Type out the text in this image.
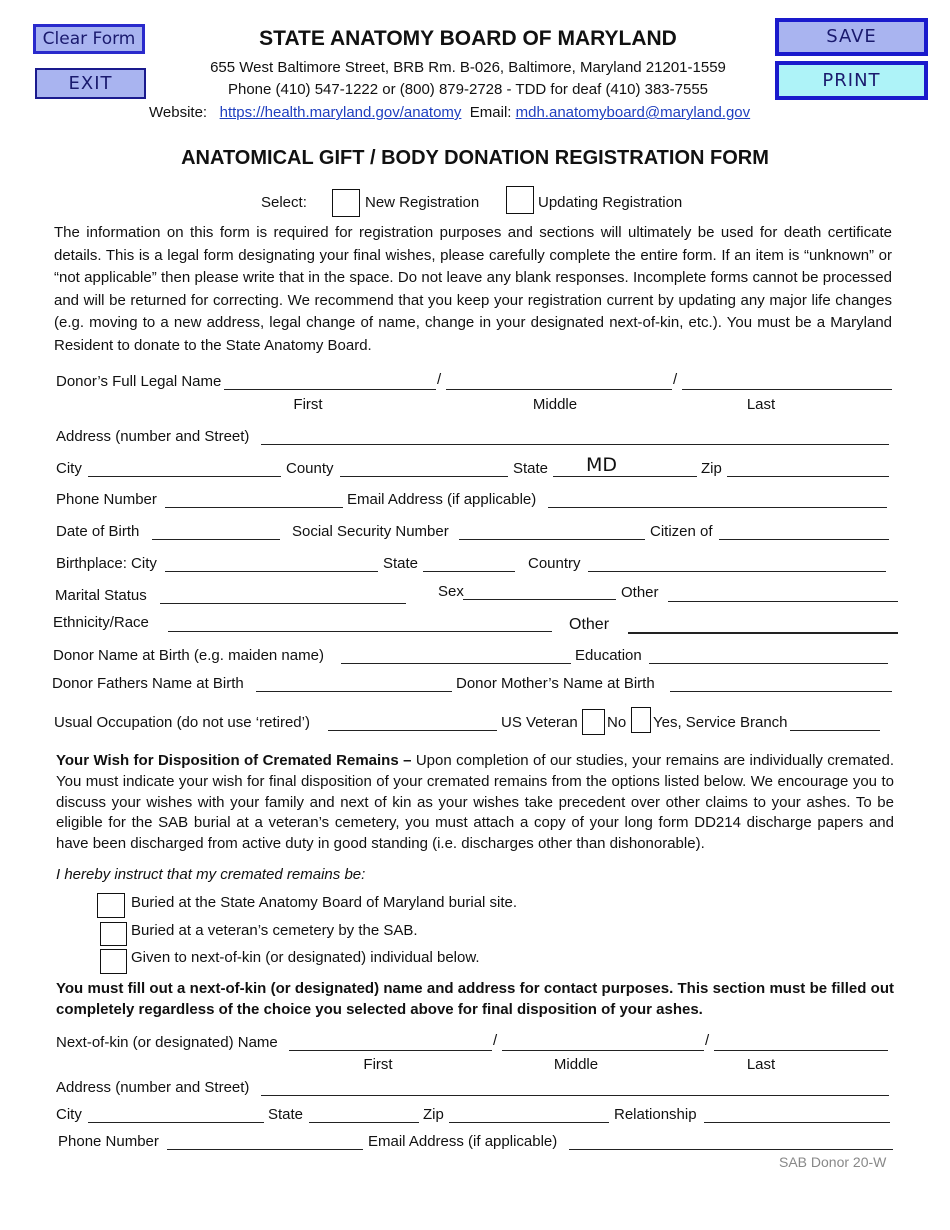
Clear Form
EXIT
SAVE
PRINT
STATE ANATOMY BOARD OF MARYLAND
655 West Baltimore Street, BRB Rm. B-026, Baltimore, Maryland 21201-1559
Phone (410) 547-1222 or (800) 879-2728 - TDD for deaf (410) 383-7555
Website: https://health.maryland.gov/anatomy Email: mdh.anatomyboard@maryland.gov
ANATOMICAL GIFT / BODY DONATION REGISTRATION FORM
Select:	New Registration	Updating Registration
The information on this form is required for registration purposes and sections will ultimately be used for death certificate details. This is a legal form designating your final wishes, please carefully complete the entire form. If an item is “unknown” or “not applicable” then please write that in the space. Do not leave any blank responses. Incomplete forms cannot be processed and will be returned for correcting. We recommend that you keep your registration current by updating any major life changes (e.g. moving to a new address, legal change of name, change in your designated next-of-kin, etc.). You must be a Maryland Resident to donate to the State Anatomy Board.
Donor’s Full Legal Name	/	/
First	Middle	Last
Address (number and Street)
City	County	State MD	Zip
Phone Number	Email Address (if applicable)
Date of Birth	Social Security Number	Citizen of
Birthplace: City	State	Country
Marital Status	Sex	Other
Ethnicity/Race	Other
Donor Name at Birth (e.g. maiden name)	Education
Donor Fathers Name at Birth	Donor Mother’s Name at Birth
Usual Occupation (do not use ‘retired’)	US Veteran No Yes, Service Branch
Your Wish for Disposition of Cremated Remains – Upon completion of our studies, your remains are individually cremated. You must indicate your wish for final disposition of your cremated remains from the options listed below. We encourage you to discuss your wishes with your family and next of kin as your wishes take precedent over other claims to your ashes. To be eligible for the SAB burial at a veteran’s cemetery, you must attach a copy of your long form DD214 discharge papers and have been discharged from active duty in good standing (i.e. discharges other than dishonorable).
I hereby instruct that my cremated remains be:
Buried at the State Anatomy Board of Maryland burial site.
Buried at a veteran’s cemetery by the SAB.
Given to next-of-kin (or designated) individual below.
You must fill out a next-of-kin (or designated) name and address for contact purposes. This section must be filled out completely regardless of the choice you selected above for final disposition of your ashes.
Next-of-kin (or designated) Name	/	/
First	Middle	Last
Address (number and Street)
City	State	Zip	Relationship
Phone Number	Email Address (if applicable)
SAB Donor 20-W
